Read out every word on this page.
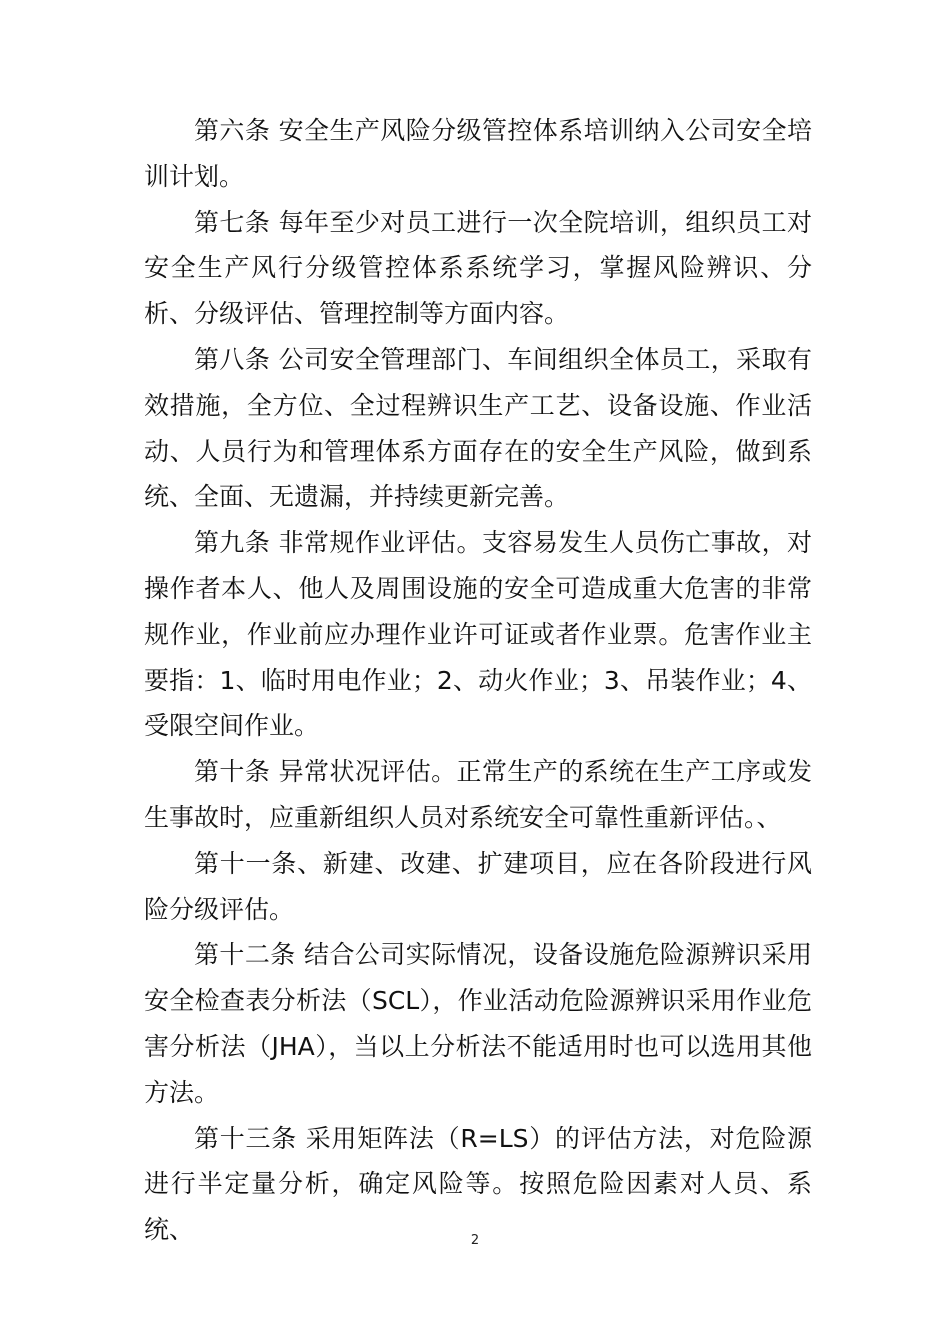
第六条 安全生产风险分级管控体系培训纳入公司安全培训计划。

第七条 每年至少对员工进行一次全院培训，组织员工对安全生产风行分级管控体系系统学习，掌握风险辨识、分析、分级评估、管理控制等方面内容。

第八条 公司安全管理部门、车间组织全体员工，采取有效措施，全方位、全过程辨识生产工艺、设备设施、作业活动、人员行为和管理体系方面存在的安全生产风险，做到系统、全面、无遗漏，并持续更新完善。

第九条 非常规作业评估。支容易发生人员伤亡事故，对操作者本人、他人及周围设施的安全可造成重大危害的非常规作业，作业前应办理作业许可证或者作业票。危害作业主要指：1、临时用电作业；2、动火作业；3、吊装作业；4、受限空间作业。

第十条 异常状况评估。正常生产的系统在生产工序或发生事故时，应重新组织人员对系统安全可靠性重新评估。、

第十一条、新建、改建、扩建项目，应在各阶段进行风险分级评估。

第十二条 结合公司实际情况，设备设施危险源辨识采用安全检查表分析法（SCL），作业活动危险源辨识采用作业危害分析法（JHA），当以上分析法不能适用时也可以选用其他方法。

第十三条 采用矩阵法（R=LS）的评估方法，对危险源进行半定量分析，确定风险等。按照危险因素对人员、系统、	2
